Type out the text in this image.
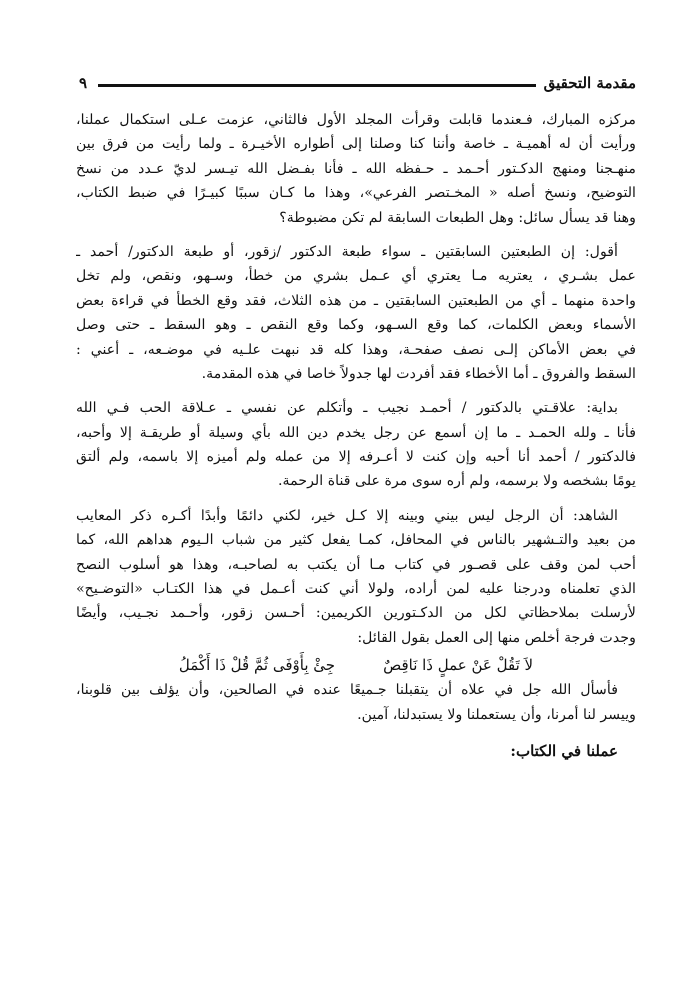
مقدمة التحقيق
٩
مركزه المبارك، فـعندما قابلت وقرأت المجلد الأول فالثاني، عزمت عـلى استكمال عملنا،
ورأيت أن له أهميـة ـ خاصة وأننا كنا وصلنا إلى أطواره الأخيـرة ـ ولما رأيت من فرق بين
منهـجنا ومنهج الدكـتور أحـمد ـ حـفظه الله ـ فأنا بفـضل الله تيـسر لديّ عـدد من نسخ
التوضيح، ونسخ أصله « المخـتصر الفرعي»، وهذا ما كـان سببًا كبيـرًا في ضبط الكتاب،
وهنا قد يسأل سائل: وهل الطبعات السابقة لم تكن مضبوطة؟
أقول: إن الطبعتين السابقتين ـ سواء طبعة الدكتور /زقور، أو طبعة الدكتور/ أحمد ـ
عمل بشـري ، يعتريه مـا يعتري أي عـمل بشري من خطأ، وسـهو، ونقص، ولم تخل
واحدة منهما ـ أي من الطبعتين السابقتين ـ من هذه الثلاث، فقد وقع الخطأ في قراءة بعض
الأسماء وبعض الكلمات، كما وقع السـهو، وكما وقع النقص ـ وهو السقط ـ حتى وصل
في بعض الأماكن إلـى نصف صفحـة، وهذا كله قد نبهت علـيه في موضـعه، ـ أعني :
السقط والفروق ـ أما الأخطاء فقد أفردت لها جدولاً خاصا في هذه المقدمة.
بداية: علاقـتي بالدكتور / أحمـد نجيب ـ وأتكلم عن نفسي ـ عـلاقة الحب فـي الله
فأنا ـ ولله الحمـد ـ ما إن أسمع عن رجل يخدم دين الله بأي وسيلة أو طريقـة إلا وأحبه،
فالدكتور / أحمد أنا أحبه وإن كنت لا أعـرفه إلا من عمله ولم أميزه إلا باسمه، ولم ألتق
يومًا بشخصه ولا برسمه، ولم أره سوى مرة على قناة الرحمة.
الشاهد: أن الرجل ليس بيني وبينه إلا كـل خير، لكني دائمًا وأبدًا أكـره ذكر المعايب
من بعيد والتـشهير بالناس في المحافل، كمـا يفعل كثير من شباب الـيوم هداهم الله، كما
أحب لمن وقف على قصـور في كتاب مـا أن يكتب به لصاحبـه، وهذا هو أسلوب النصح
الذي تعلمناه ودرجنا عليه لمن أراده، ولولا أني كنت أعـمل في هذا الكتـاب «التوضـيح»
لأرسلت بملاحظاتي لكل من الدكـتورين الكريمين: أحـسن زقور، وأحـمد نجـيب، وأيضًا
وجدت فرجة أخلص منها إلى العمل بقول القائل:
لاَ تَقُلْ عَنْ عملٍ ذَا نَاقِصٌ
جِئْ بِأَوْفَى ثُمَّ قُلْ ذَا أَكْمَلُ
فأسأل الله جل في علاه أن يتقبلنا جـميعًا عنده في الصالحين، وأن يؤلف بين قلوبنا،
وييسر لنا أمرنا، وأن يستعملنا ولا يستبدلنا، آمين.
عملنا في الكتاب:
